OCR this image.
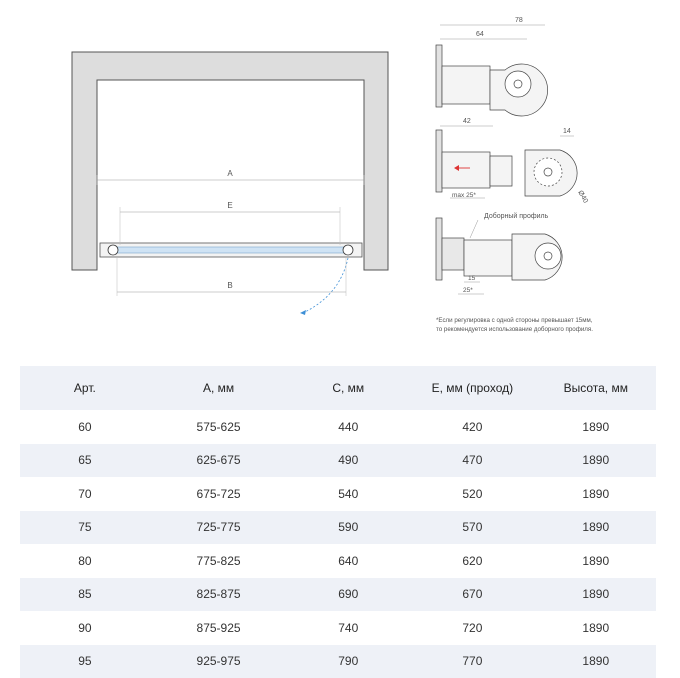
A
E
B
78
64
42
14
Ø40
max 25*
Доборный профиль
15
25*
*Если регулировка с одной стороны превышает 15мм,
то рекомендуется использование доборного профиля.
Арт.	A, мм	C, мм	E, мм (проход)	Высота, мм
60	575-625	440	420	1890
65	625-675	490	470	1890
70	675-725	540	520	1890
75	725-775	590	570	1890
80	775-825	640	620	1890
85	825-875	690	670	1890
90	875-925	740	720	1890
95	925-975	790	770	1890
